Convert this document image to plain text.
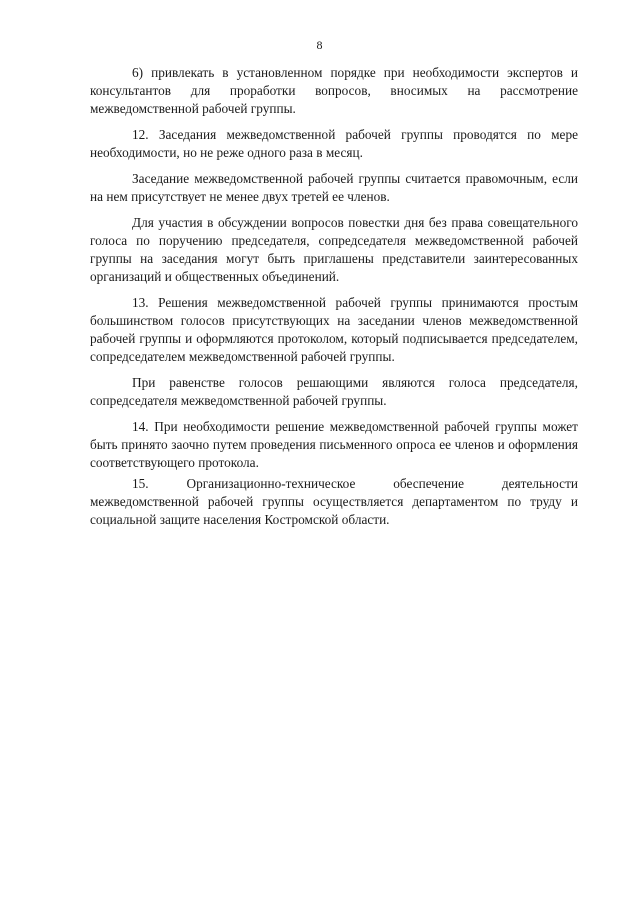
8

6) привлекать в установленном порядке при необходимости экспертов и консультантов для проработки вопросов, вносимых на рассмотрение межведомственной рабочей группы.

12. Заседания межведомственной рабочей группы проводятся по мере необходимости, но не реже одного раза в месяц.

Заседание межведомственной рабочей группы считается правомочным, если на нем присутствует не менее двух третей ее членов.

Для участия в обсуждении вопросов повестки дня без права совещательного голоса по поручению председателя, сопредседателя межведомственной рабочей группы на заседания могут быть приглашены представители заинтересованных организаций и общественных объединений.

13. Решения межведомственной рабочей группы принимаются простым большинством голосов присутствующих на заседании членов межведомственной рабочей группы и оформляются протоколом, который подписывается председателем, сопредседателем межведомственной рабочей группы.

При равенстве голосов решающими являются голоса председателя, сопредседателя межведомственной рабочей группы.

14. При необходимости решение межведомственной рабочей группы может быть принято заочно путем проведения письменного опроса ее членов и оформления соответствующего протокола.

15. Организационно-техническое обеспечение деятельности межведомственной рабочей группы осуществляется департаментом по труду и социальной защите населения Костромской области.
